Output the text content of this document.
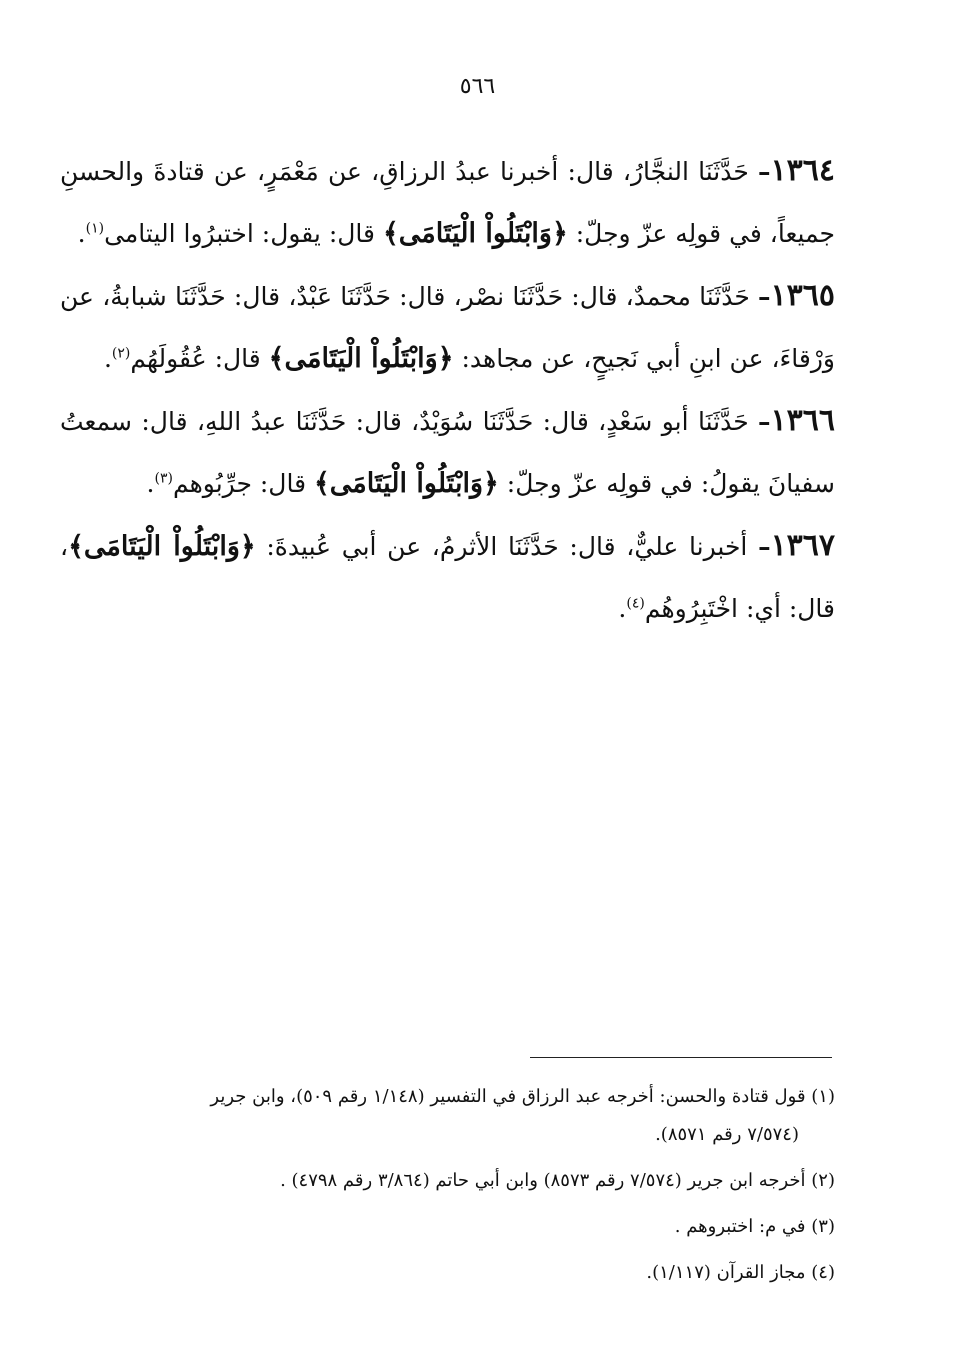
٥٦٦

١٣٦٤– حَدَّثَنَا النجَّارُ، قال: أخبرنا عبدُ الرزاقِ، عن مَعْمَرٍ، عن قتادةَ والحسنِ جميعاً، في قولِه عزّ وجلّ: ﴿وَابْتَلُواْ الْيَتَامَى﴾ قال: يقول: اختبرُوا اليتامى$^{(١)}$.

١٣٦٥– حَدَّثَنَا محمدٌ، قال: حَدَّثَنَا نصْر، قال: حَدَّثَنَا عَبْدٌ، قال: حَدَّثَنَا شبابةُ، عن وَرْقاءَ، عن ابنِ أبي نَجيحٍ، عن مجاهد: ﴿وَابْتَلُواْ الْيَتَامَى﴾ قال: عُقُولَهُم$^{(٢)}$.

١٣٦٦– حَدَّثَنَا أبو سَعْدٍ، قال: حَدَّثَنَا سُوَيْدٌ، قال: حَدَّثَنَا عبدُ اللهِ، قال: سمعتُ سفيانَ يقولُ: في قولِه عزّ وجلّ: ﴿وَابْتَلُواْ الْيَتَامَى﴾ قال: جرِّبُوهم$^{(٣)}$.

١٣٦٧– أخبرنا عليٌّ، قال: حَدَّثَنَا الأثرمُ، عن أبي عُبيدةَ: ﴿وَابْتَلُواْ الْيَتَامَى﴾، قال: أي: اخْتَبِرُوهُم$^{(٤)}$.

(١) قول قتادة والحسن: أخرجه عبد الرزاق في التفسير (١/١٤٨ رقم ٥٠٩)، وابن جرير
(٧/٥٧٤ رقم ٨٥٧١).

(٢) أخرجه ابن جرير (٧/٥٧٤ رقم ٨٥٧٣) وابن أبي حاتم (٣/٨٦٤ رقم ٤٧٩٨) .

(٣) في م: اختبروهم .

(٤) مجاز القرآن (١/١١٧).
